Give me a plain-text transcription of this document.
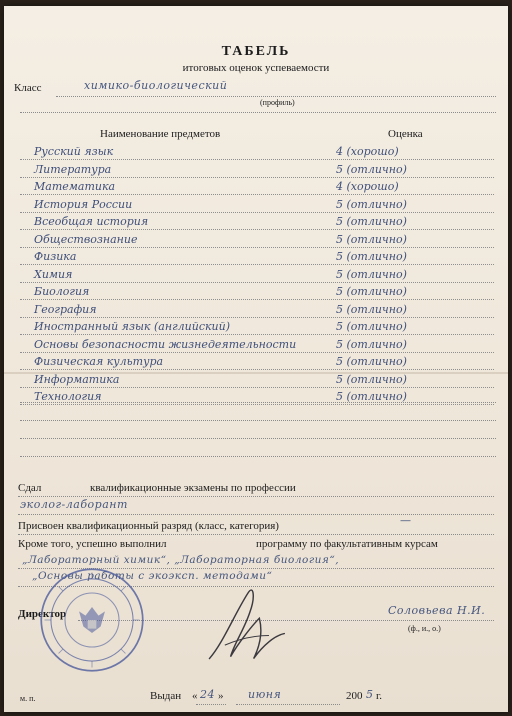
ТАБЕЛЬ
итоговых оценок успеваемости
Класс	химико-биологический
(профиль)
Наименование предметов	Оценка
Русский язык	4 (хорошо)
Литература	5 (отлично)
Математика	4 (хорошо)
История России	5 (отлично)
Всеобщая история	5 (отлично)
Обществознание	5 (отлично)
Физика	5 (отлично)
Химия	5 (отлично)
Биология	5 (отлично)
География	5 (отлично)
Иностранный язык (английский)	5 (отлично)
Основы безопасности жизнедеятельности	5 (отлично)
Физическая культура	5 (отлично)
Информатика	5 (отлично)
Технология	5 (отлично)
Сдал	квалификационные экзамены по профессии
эколог-лаборант
Присвоен квалификационный разряд (класс, категория)	—
Кроме того, успешно выполнил	программу по факультативным курсам
„Лабораторный химик“, „Лабораторная биология“,
„Основы работы с экоэксп. методами“
Директор	Соловьева Н.И.
(ф., и., о.)
м. п.	Выдан « 24 » июня	200 5 г.
